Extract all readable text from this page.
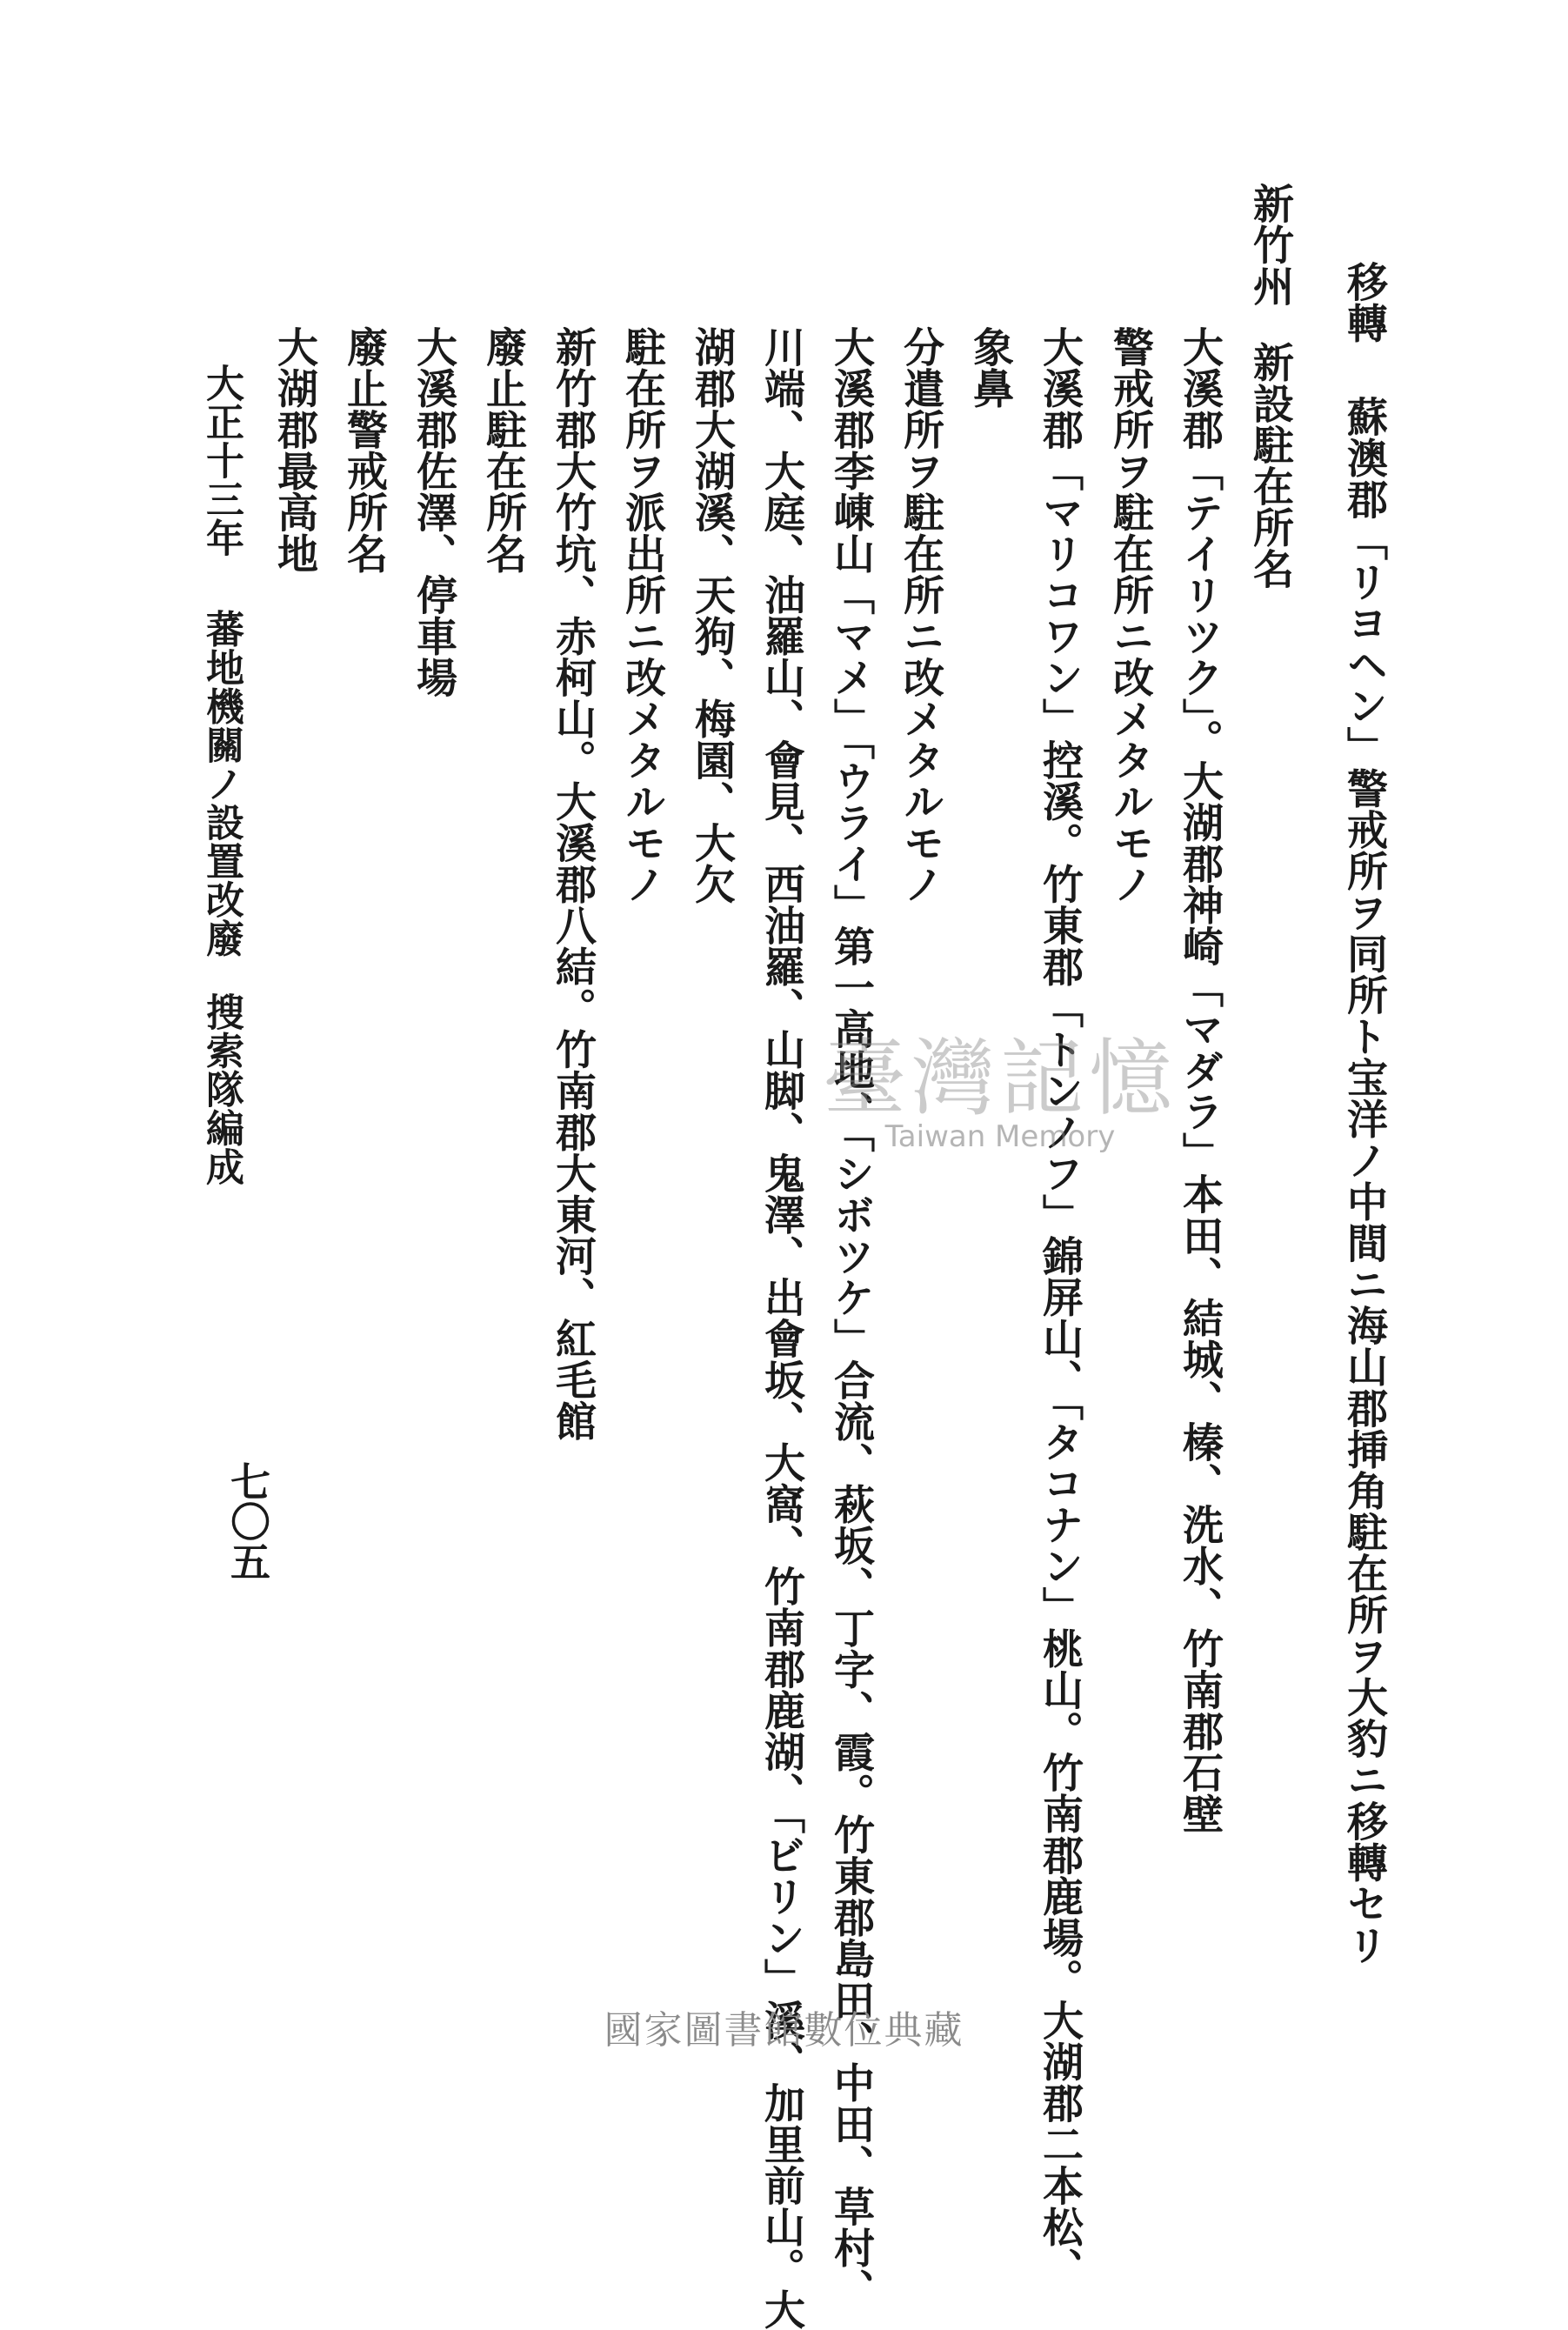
移轉蘇澳郡「リヨヘン」警戒所ヲ同所ト宝洋ノ中間ニ海山郡挿角駐在所ヲ大豹ニ移轉セリ
新竹州新設駐在所名
大溪郡「テイリツク」。大湖郡神崎「マダラ」本田、結城、榛、洗水、竹南郡石壁
警戒所ヲ駐在所ニ改メタルモノ
大溪郡「マリコワン」控溪。竹東郡「トンノフ」錦屏山、「タコナン」桃山。竹南郡鹿場。大湖郡二本松、
象鼻
分遣所ヲ駐在所ニ改メタルモノ
大溪郡李崠山「マメ」「ウライ」第一高地、「シボツケ」合流、萩坂、丁字、霞。竹東郡島田、中田、草村、
川端、大庭、油羅山、會見、西油羅、山脚、鬼澤、出會坂、大窩、竹南郡鹿湖、「ビリン」溪、加里前山。大
湖郡大湖溪、天狗、梅園、大欠
駐在所ヲ派出所ニ改メタルモノ
新竹郡大竹坑、赤柯山。大溪郡八結。竹南郡大東河、紅毛館
廢止駐在所名
大溪郡佐澤、停車場
廢止警戒所名
大湖郡最高地
大正十三年蕃地機關ノ設置改廢搜索隊編成
七〇五
臺灣記憶
Taiwan Memory
國家圖書館數位典藏
